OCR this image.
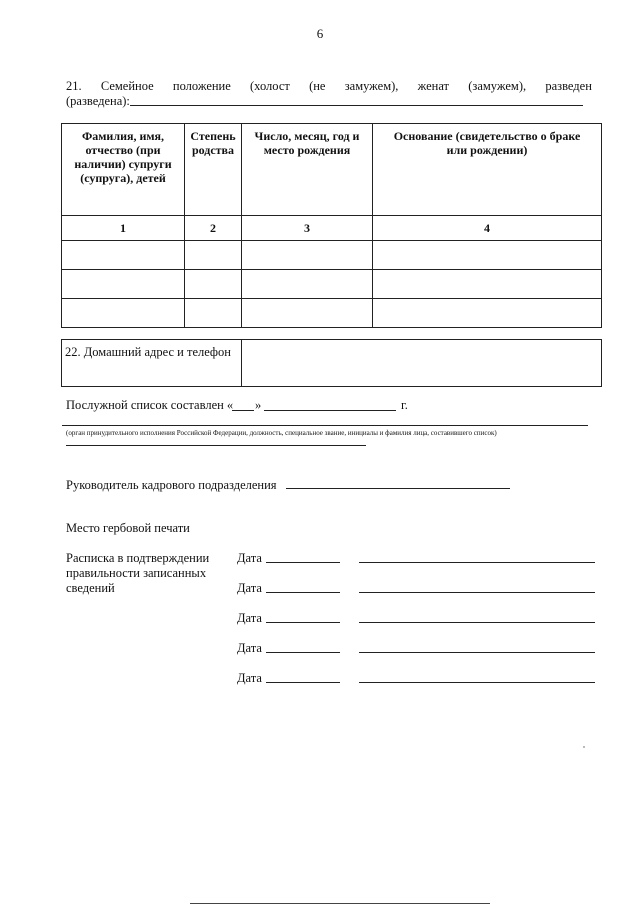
6
21. Семейное положение (холост (не замужем), женат (замужем), разведен
(разведена):
Фамилия, имя, отчество (при наличии) супруги (супруга), детей	Степень родства	Число, месяц, год и место рождения	Основание (свидетельство о браке или рождении)
1	2	3	4

22. Домашний адрес и телефон	
Послужной список составлен « »	г.
(орган принудительного исполнения Российской Федерации, должность, специальное звание, инициалы и фамилия лица, составившего список)
Руководитель кадрового подразделения
Место гербовой печати
Расписка в подтверждении правильности записанных сведений
Дата
Дата
Дата
Дата
Дата
